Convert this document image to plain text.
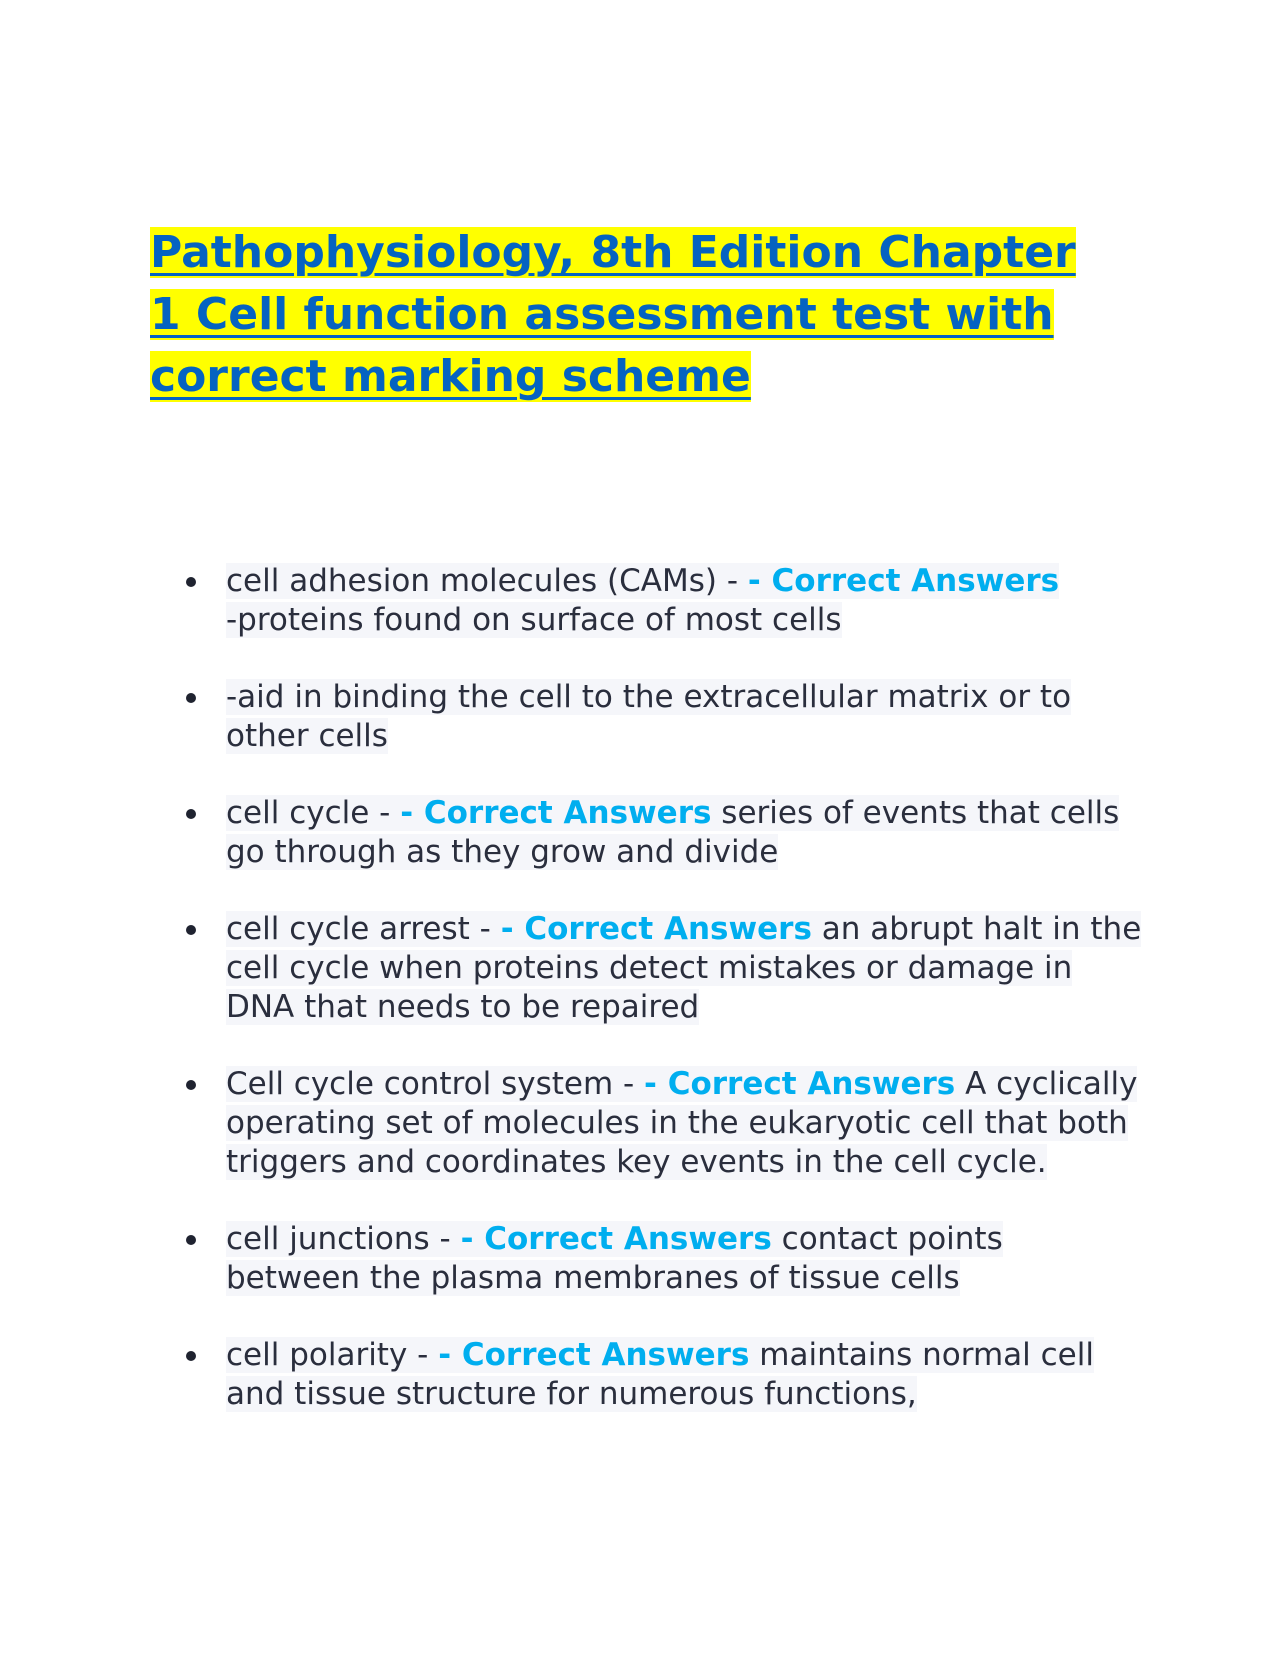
Pathophysiology, 8th Edition Chapter
1 Cell function assessment test with
correct marking scheme
cell adhesion molecules (CAMs) - - Correct Answers
-proteins found on surface of most cells
-aid in binding the cell to the extracellular matrix or to other cells
cell cycle - - Correct Answers series of events that cells go through as they grow and divide
cell cycle arrest - - Correct Answers an abrupt halt in the cell cycle when proteins detect mistakes or damage in DNA that needs to be repaired
Cell cycle control system - - Correct Answers A cyclically operating set of molecules in the eukaryotic cell that both triggers and coordinates key events in the cell cycle.
cell junctions - - Correct Answers contact points between the plasma membranes of tissue cells
cell polarity - - Correct Answers maintains normal cell and tissue structure for numerous functions,
